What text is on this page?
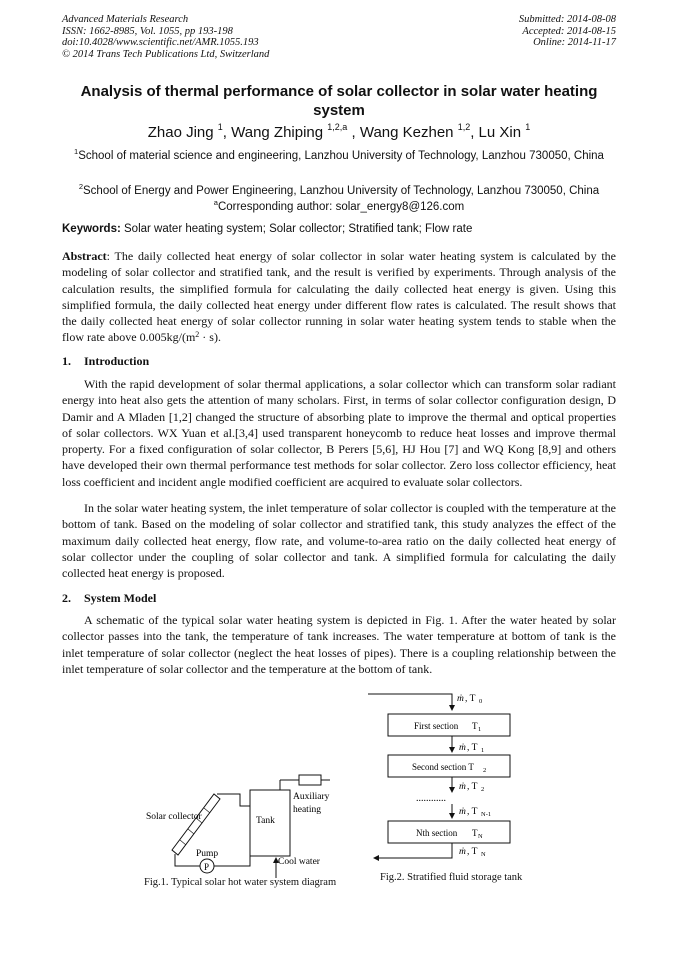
Advanced Materials Research
ISSN: 1662-8985, Vol. 1055, pp 193-198
doi:10.4028/www.scientific.net/AMR.1055.193
© 2014 Trans Tech Publications Ltd, Switzerland
Submitted: 2014-08-08
Accepted: 2014-08-15
Online: 2014-11-17
Analysis of thermal performance of solar collector in solar water heating system
Zhao Jing $^1$, Wang Zhiping $^{1,2,a}$ , Wang Kezhen $^{1,2}$, Lu Xin $^1$
$^1$School of material science and engineering, Lanzhou University of Technology, Lanzhou 730050, China
$^2$School of Energy and Power Engineering, Lanzhou University of Technology, Lanzhou 730050, China
$^a$Corresponding author: solar_energy8@126.com
Keywords: Solar water heating system; Solar collector; Stratified tank; Flow rate
Abstract: The daily collected heat energy of solar collector in solar water heating system is calculated by the modeling of solar collector and stratified tank, and the result is verified by experiments. Through analysis of the calculation results, the simplified formula for calculating the daily collected heat energy is given. Using this simplified formula, the daily collected heat energy under different flow rates is calculated. The result shows that the daily collected heat energy of solar collector running in solar water heating system tends to stable when the flow rate above $0.005kg/(m^2 \cdot s)$.
1. Introduction
With the rapid development of solar thermal applications, a solar collector which can transform solar radiant energy into heat also gets the attention of many scholars. First, in terms of solar collector configuration design, D Damir and A Mladen [1,2] changed the structure of absorbing plate to improve the thermal and optical properties of solar collectors. WX Yuan et al.[3,4] used transparent honeycomb to reduce heat losses and improve thermal property. For a fixed configuration of solar collector, B Perers [5,6], HJ Hou [7] and WQ Kong [8,9] and others have developed their own thermal performance test methods for solar collector. Zero loss collector efficiency, heat loss coefficient and incident angle modified coefficient are acquired to evaluate solar collectors.
In the solar water heating system, the inlet temperature of solar collector is coupled with the temperature at the bottom of tank. Based on the modeling of solar collector and stratified tank, this study analyzes the effect of the maximum daily collected heat energy, flow rate, and volume-to-area ratio on the daily collected heat energy of solar collector under the coupling of solar collector and tank. A simplified formula for calculating the daily collected heat energy is proposed.
2. System Model
A schematic of the typical solar water heating system is depicted in Fig. 1. After the water heated by solar collector passes into the tank, the temperature of tank increases. The water temperature at bottom of tank is the inlet temperature of solar collector (neglect the heat losses of pipes). There is a coupling relationship between the inlet temperature of solar collector and the temperature at the bottom of tank.
P
Solar collector	Tank
Auxiliary
heating
Pump
Cool water
Fig.1. Typical solar hot water system diagram
ṁ , T 0
First section T 1
ṁ , T 1
Second section T 2
ṁ , T 2
............
ṁ , T N-1
Nth section T N
ṁ , T N
Fig.2. Stratified fluid storage tank
